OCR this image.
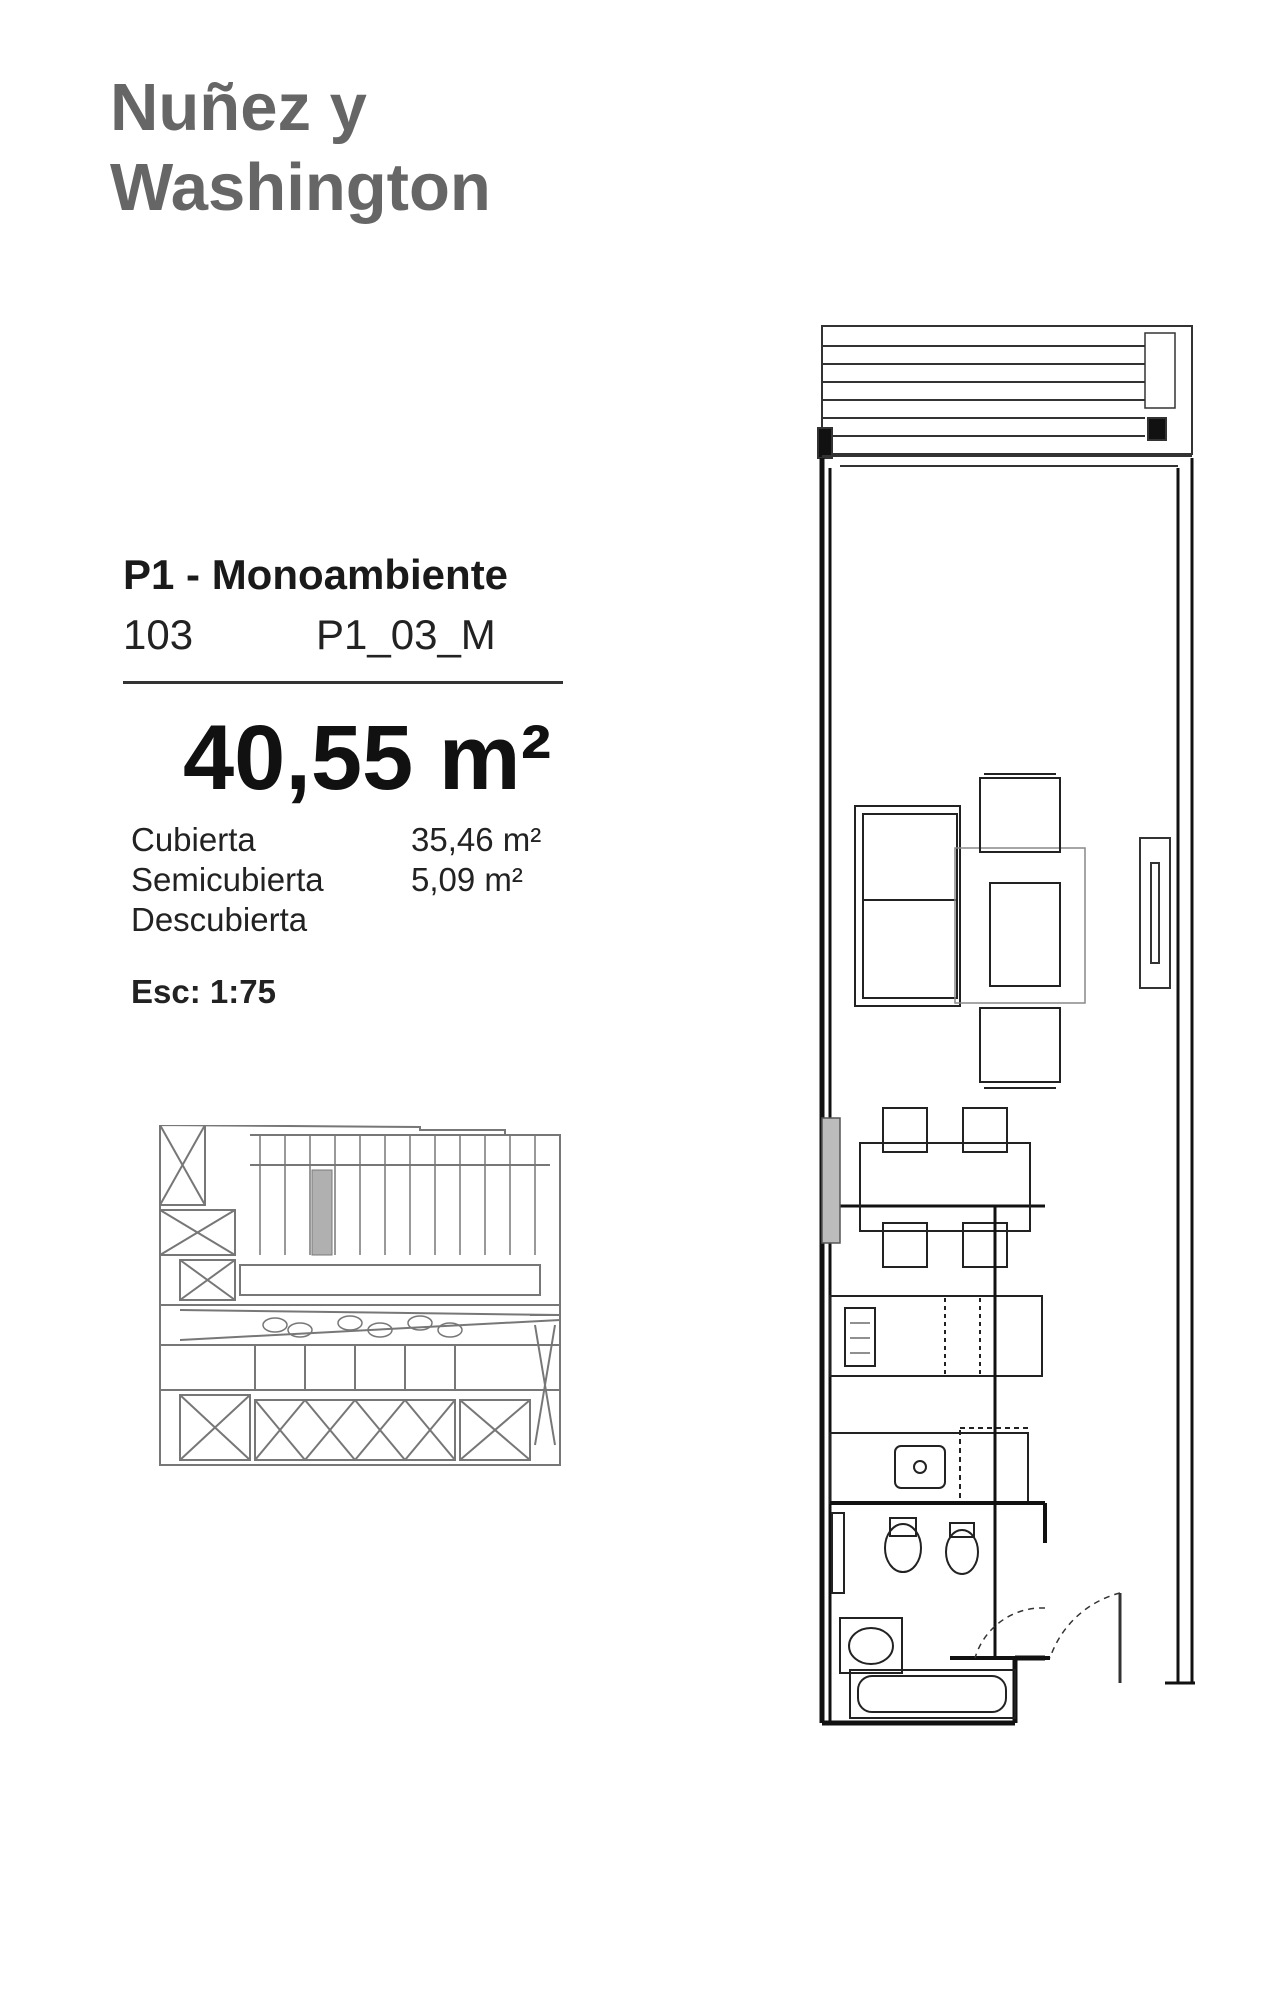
Nuñez y
Washington
P1 - Monoambiente
103	P1_03_M
40,55 m²
Cubierta	35,46 m²
Semicubierta	5,09 m²
Descubierta
Esc: 1:75
